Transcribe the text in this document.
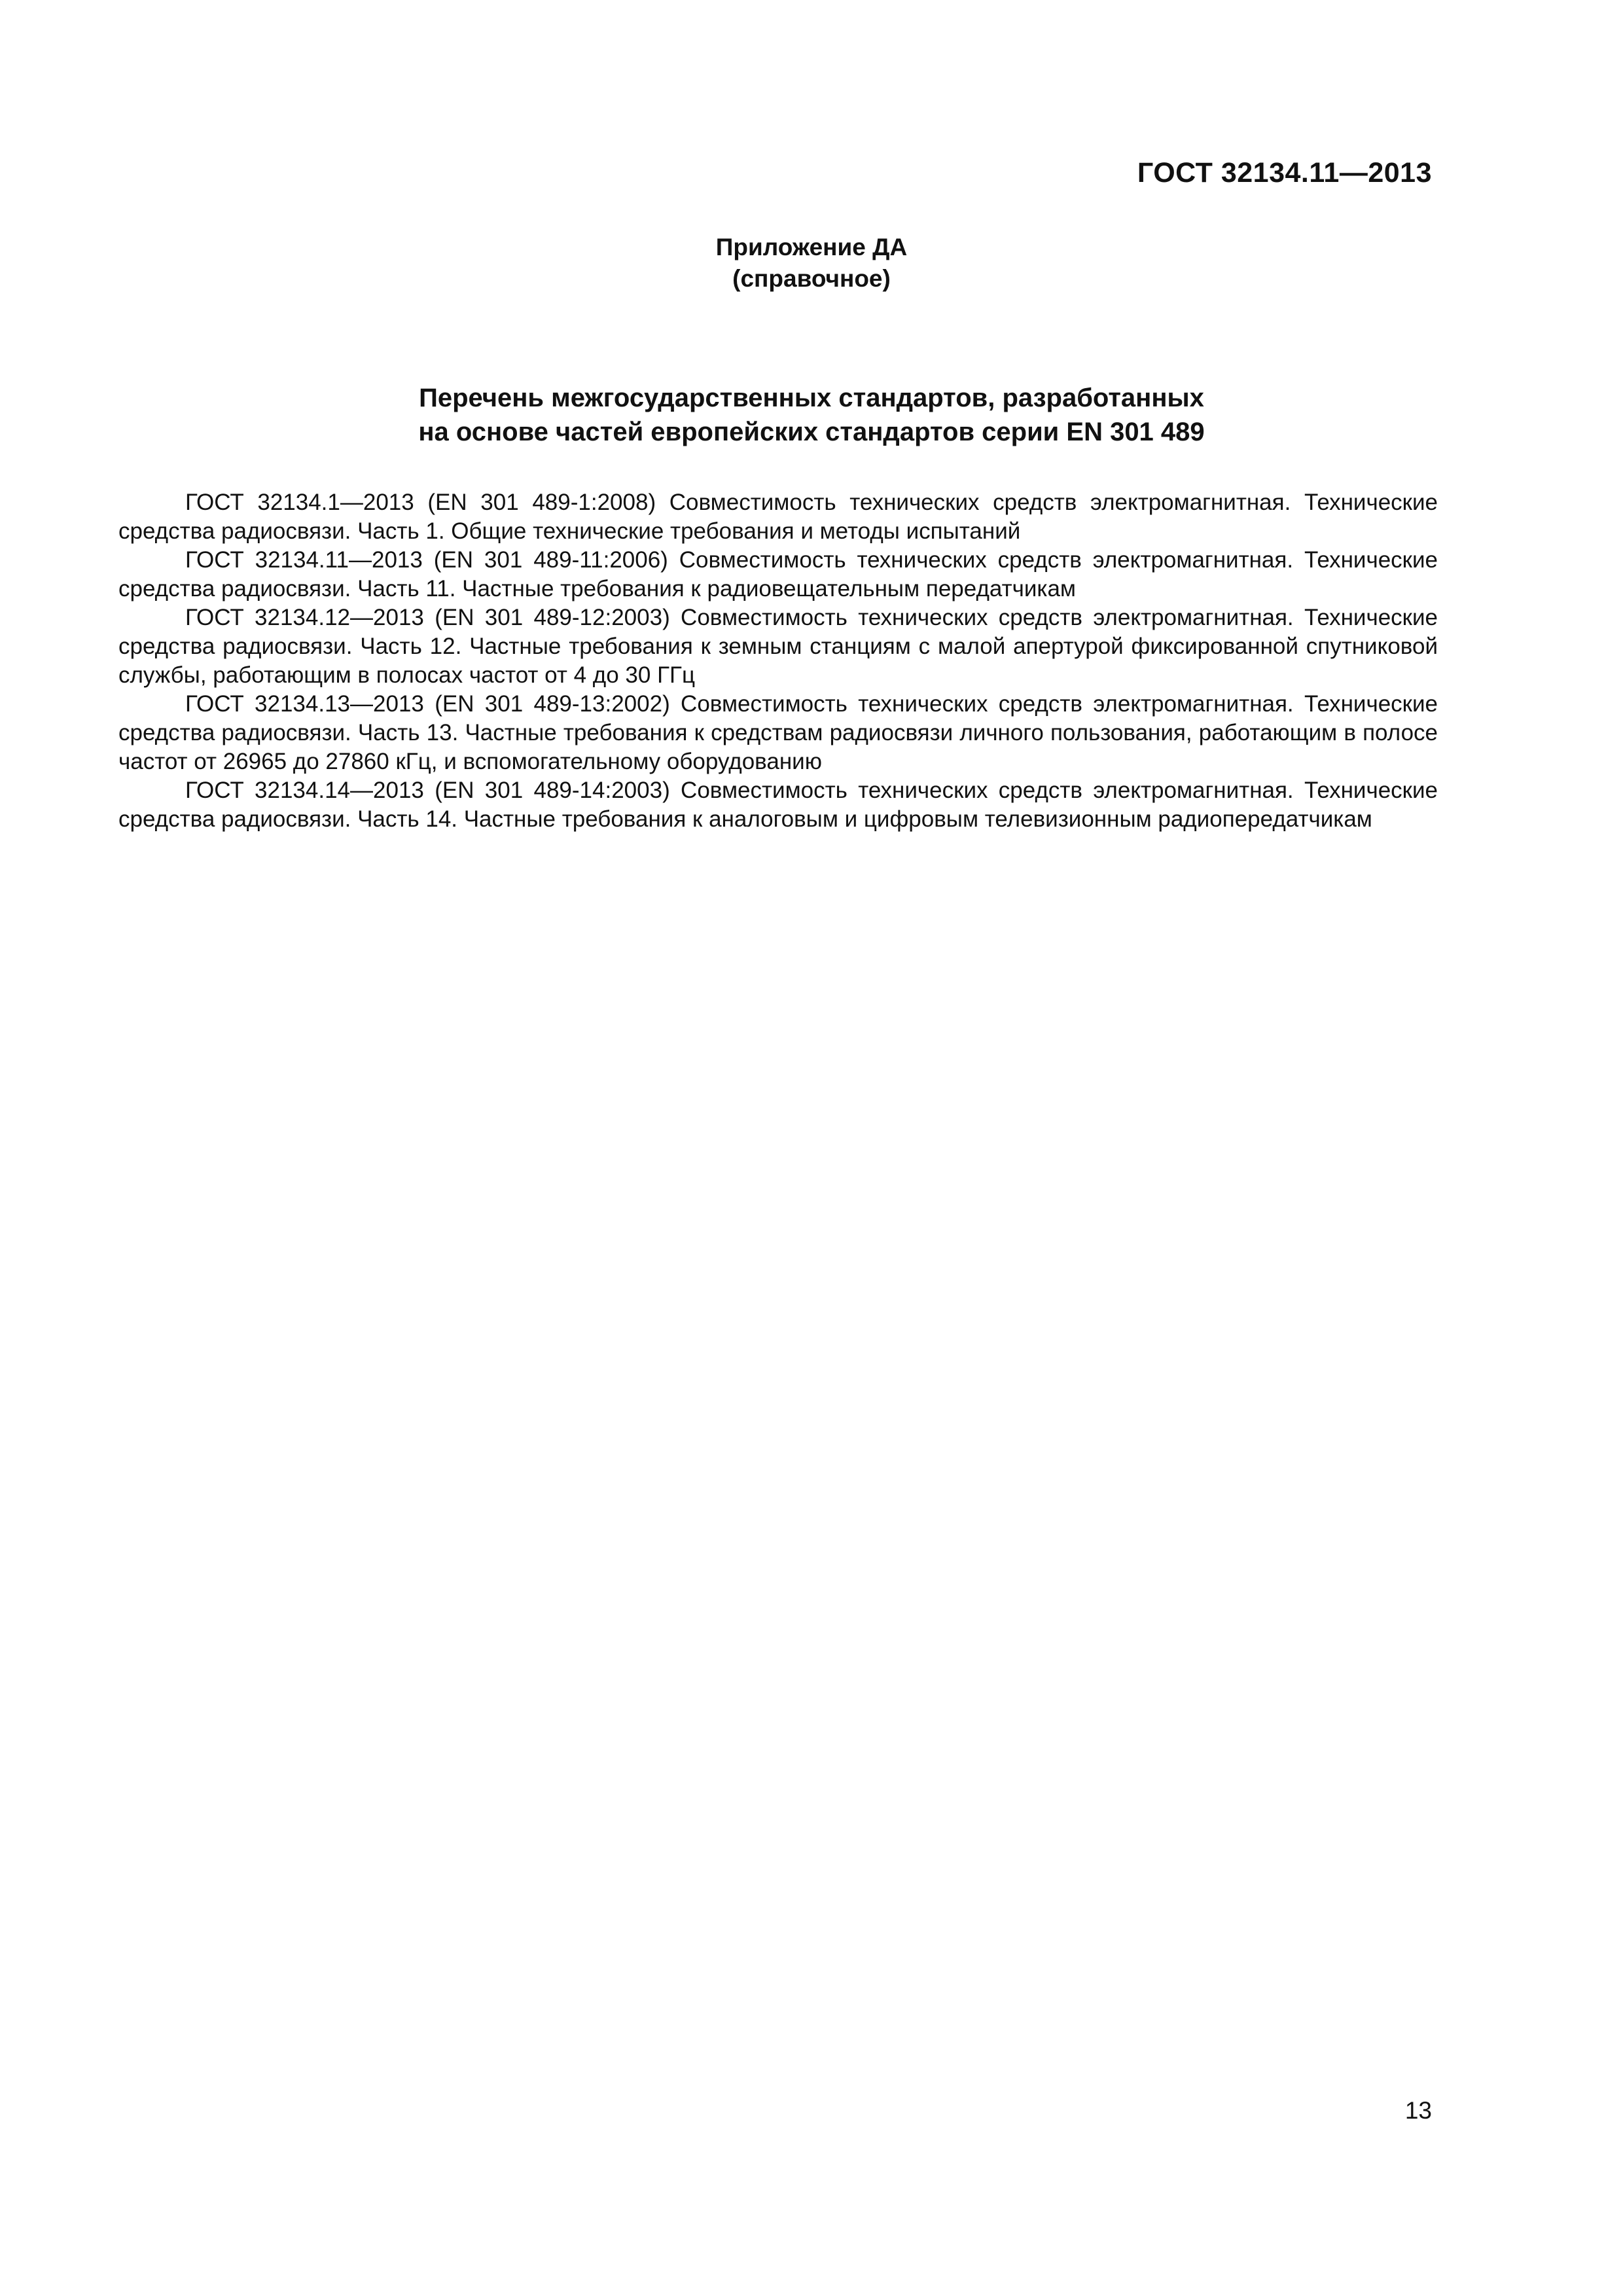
ГОСТ 32134.11—2013
Приложение ДА
(справочное)
Перечень межгосударственных стандартов, разработанных
на основе частей европейских стандартов серии EN 301 489

ГОСТ 32134.1—2013 (EN 301 489-1:2008) Совместимость технических средств электромагнитная. Технические средства радиосвязи. Часть 1. Общие технические требования и методы испытаний

ГОСТ 32134.11—2013 (EN 301 489-11:2006) Совместимость технических средств электромагнитная. Технические средства радиосвязи. Часть 11. Частные требования к радиовещательным передатчикам

ГОСТ 32134.12—2013 (EN 301 489-12:2003) Совместимость технических средств электромагнитная. Технические средства радиосвязи. Часть 12. Частные требования к земным станциям с малой апертурой фиксированной спутниковой службы, работающим в полосах частот от 4 до 30 ГГц

ГОСТ 32134.13—2013 (EN 301 489-13:2002) Совместимость технических средств электромагнитная. Технические средства радиосвязи. Часть 13. Частные требования к средствам радиосвязи личного пользования, работающим в полосе частот от 26965 до 27860 кГц, и вспомогательному оборудованию

ГОСТ 32134.14—2013 (EN 301 489-14:2003) Совместимость технических средств электромагнитная. Технические средства радиосвязи. Часть 14. Частные требования к аналоговым и цифровым телевизионным радиопередатчикам

13
